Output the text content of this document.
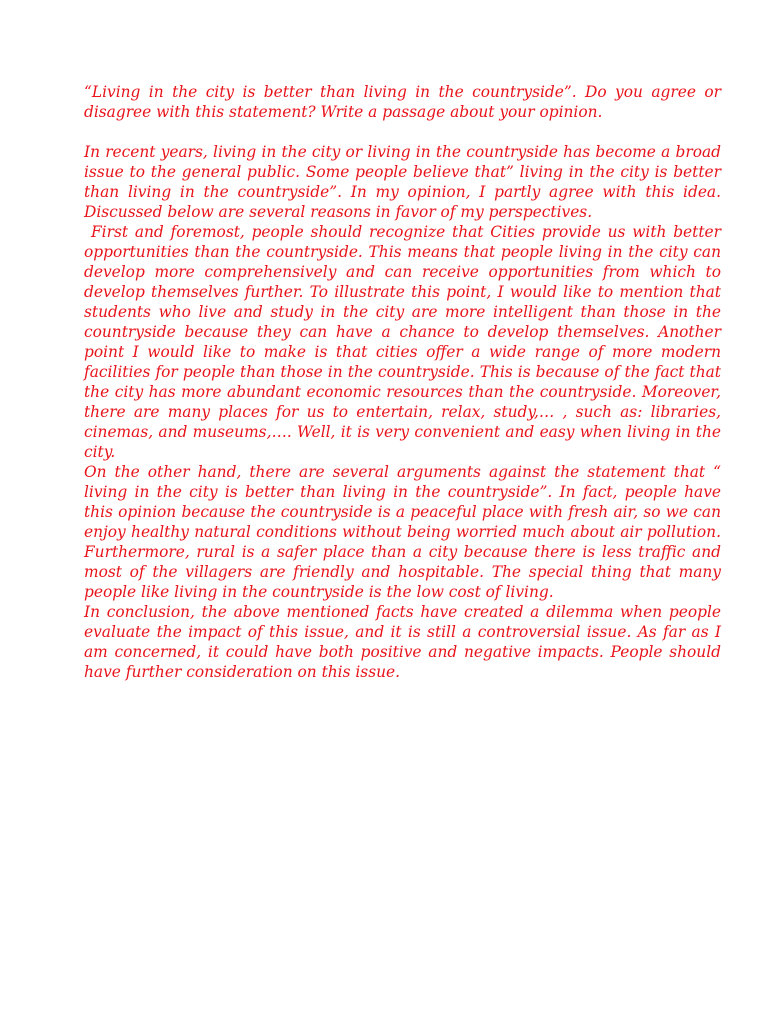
“Living in the city is better than living in the countryside”. Do you agree or disagree with this statement? Write a passage about your opinion.

In recent years, living in the city or living in the countryside has become a broad issue to the general public. Some people believe that” living in the city is better than living in the countryside”. In my opinion, I partly agree with this idea. Discussed below are several reasons in favor of my perspectives.

First and foremost, people should recognize that Cities provide us with better opportunities than the countryside. This means that people living in the city can develop more comprehensively and can receive opportunities from which to develop themselves further. To illustrate this point, I would like to mention that students who live and study in the city are more intelligent than those in the countryside because they can have a chance to develop themselves. Another point I would like to make is that cities offer a wide range of more modern facilities for people than those in the countryside. This is because of the fact that the city has more abundant economic resources than the countryside. Moreover, there are many places for us to entertain, relax, study,… , such as: libraries, cinemas, and museums,…. Well, it is very convenient and easy when living in the city.

On the other hand, there are several arguments against the statement that “ living in the city is better than living in the countryside”. In fact, people have this opinion because the countryside is a peaceful place with fresh air, so we can enjoy healthy natural conditions without being worried much about air pollution. Furthermore, rural is a safer place than a city because there is less traffic and most of the villagers are friendly and hospitable. The special thing that many people like living in the countryside is the low cost of living.

In conclusion, the above mentioned facts have created a dilemma when people evaluate the impact of this issue, and it is still a controversial issue. As far as I am concerned, it could have both positive and negative impacts. People should have further consideration on this issue.
